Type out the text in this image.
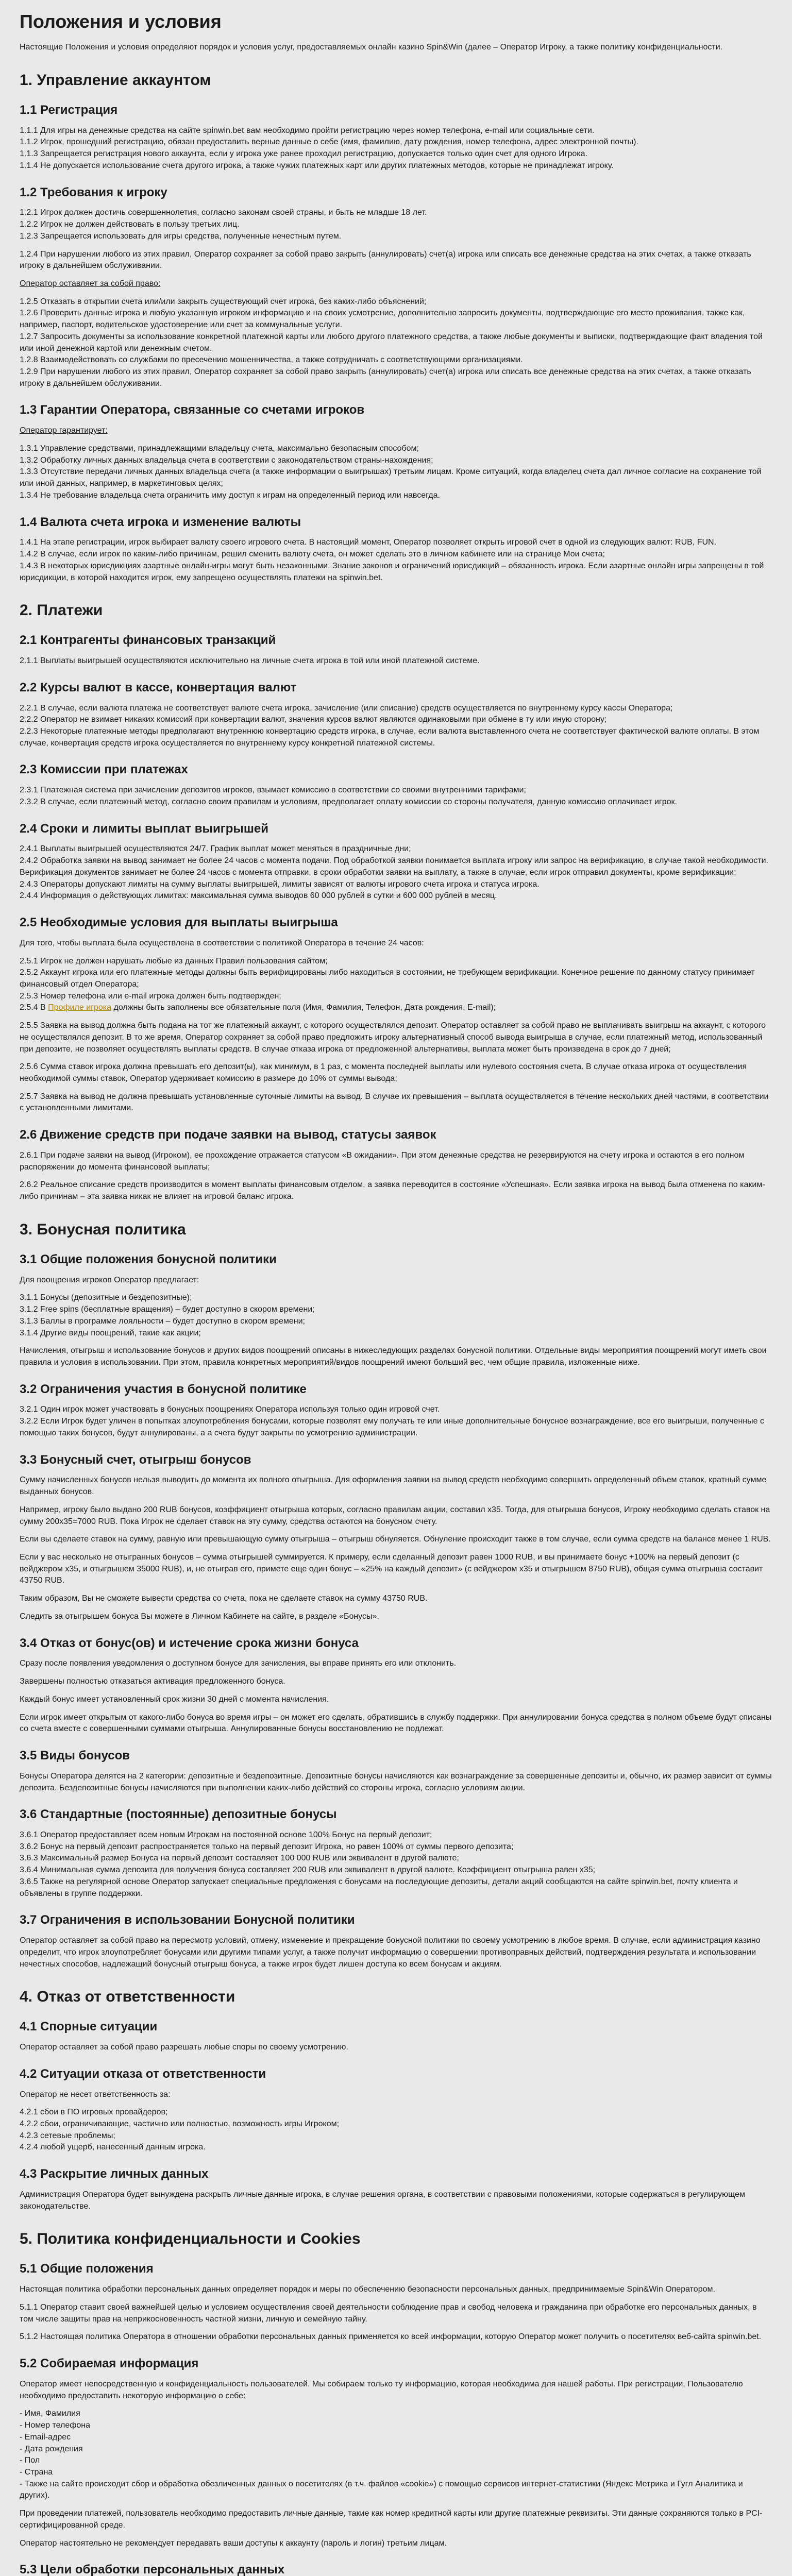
Положения и условия

Настоящие Положения и условия определяют порядок и условия услуг, предоставляемых онлайн казино Spin&Win (далее – Оператор Игроку, а также политику конфиденциальности.

1. Управление аккаунтом
1.1 Регистрация

1.1.1 Для игры на денежные средства на сайте spinwin.bet вам необходимо пройти регистрацию через номер телефона, e-mail или социальные сети.

1.1.2 Игрок, прошедший регистрацию, обязан предоставить верные данные о себе (имя, фамилию, дату рождения, номер телефона, адрес электронной почты).

1.1.3 Запрещается регистрация нового аккаунта, если у игрока уже ранее проходил регистрацию, допускается только один счет для одного Игрока.

1.1.4 Не допускается использование счета другого игрока, а также чужих платежных карт или других платежных методов, которые не принадлежат игроку.

1.2 Требования к игроку

1.2.1 Игрок должен достичь совершеннолетия, согласно законам своей страны, и быть не младше 18 лет.

1.2.2 Игрок не должен действовать в пользу третьих лиц.

1.2.3 Запрещается использовать для игры средства, полученные нечестным путем.

1.2.4 При нарушении любого из этих правил, Оператор сохраняет за собой право закрыть (аннулировать) счет(а) игрока или списать все денежные средства на этих счетах, а также отказать игроку в дальнейшем обслуживании.

Оператор оставляет за собой право:

1.2.5 Отказать в открытии счета или/или закрыть существующий счет игрока, без каких-либо объяснений;

1.2.6 Проверить данные игрока и любую указанную игроком информацию и на своих усмотрение, дополнительно запросить документы, подтверждающие его место проживания, также как, например, паспорт, водительское удостоверение или счет за коммунальные услуги.

1.2.7 Запросить документы за использование конкретной платежной карты или любого другого платежного средства, а также любые документы и выписки, подтверждающие факт владения той или иной денежной картой или денежным счетом.

1.2.8 Взаимодействовать со службами по пресечению мошенничества, а также сотрудничать с соответствующими организациями.

1.2.9 При нарушении любого из этих правил, Оператор сохраняет за собой право закрыть (аннулировать) счет(а) игрока или списать все денежные средства на этих счетах, а также отказать игроку в дальнейшем обслуживании.

1.3 Гарантии Оператора, связанные со счетами игроков

Оператор гарантирует:

1.3.1 Управление средствами, принадлежащими владельцу счета, максимально безопасным способом;

1.3.2 Обработку личных данных владельца счета в соответствии с законодательством страны-нахождения;

1.3.3 Отсутствие передачи личных данных владельца счета (а также информации о выигрышах) третьим лицам. Кроме ситуаций, когда владелец счета дал личное согласие на сохранение той или иной данных, например, в маркетинговых целях;

1.3.4 Не требование владельца счета ограничить иму доступ к играм на определенный период или навсегда.

1.4 Валюта счета игрока и изменение валюты

1.4.1 На этапе регистрации, игрок выбирает валюту своего игрового счета. В настоящий момент, Оператор позволяет открыть игровой счет в одной из следующих валют: RUB, FUN.

1.4.2 В случае, если игрок по каким-либо причинам, решил сменить валюту счета, он может сделать это в личном кабинете или на странице Мои счета;

1.4.3 В некоторых юрисдикциях азартные онлайн-игры могут быть незаконными. Знание законов и ограничений юрисдикций – обязанность игрока. Если азартные онлайн игры запрещены в той юрисдикции, в которой находится игрок, ему запрещено осуществлять платежи на spinwin.bet.

2. Платежи
2.1 Контрагенты финансовых транзакций

2.1.1 Выплаты выигрышей осуществляются исключительно на личные счета игрока в той или иной платежной системе.

2.2 Курсы валют в кассе, конвертация валют

2.2.1 В случае, если валюта платежа не соответствует валюте счета игрока, зачисление (или списание) средств осуществляется по внутреннему курсу кассы Оператора;

2.2.2 Оператор не взимает никаких комиссий при конвертации валют, значения курсов валют являются одинаковыми при обмене в ту или иную сторону;

2.2.3 Некоторые платежные методы предполагают внутреннюю конвертацию средств игрока, в случае, если валюта выставленного счета не соответствует фактической валюте оплаты. В этом случае, конвертация средств игрока осуществляется по внутреннему курсу конкретной платежной системы.

2.3 Комиссии при платежах

2.3.1 Платежная система при зачислении депозитов игроков, взымает комиссию в соответствии со своими внутренними тарифами;

2.3.2 В случае, если платежный метод, согласно своим правилам и условиям, предполагает оплату комиссии со стороны получателя, данную комиссию оплачивает игрок.

2.4 Сроки и лимиты выплат выигрышей

2.4.1 Выплаты выигрышей осуществляются 24/7. График выплат может меняться в праздничные дни;

2.4.2 Обработка заявки на вывод занимает не более 24 часов с момента подачи. Под обработкой заявки понимается выплата игроку или запрос на верификацию, в случае такой необходимости. Верификация документов занимает не более 24 часов с момента отправки, в сроки обработки заявки на выплату, а также в случае, если игрок отправил документы, кроме верификации;

2.4.3 Операторы допускают лимиты на сумму выплаты выигрышей, лимиты зависят от валюты игрового счета игрока и статуса игрока.

2.4.4 Информация о действующих лимитах: максимальная сумма выводов 60 000 рублей в сутки и 600 000 рублей в месяц.

2.5 Необходимые условия для выплаты выигрыша

Для того, чтобы выплата была осуществлена в соответствии с политикой Оператора в течение 24 часов:

2.5.1 Игрок не должен нарушать любые из данных Правил пользования сайтом;

2.5.2 Аккаунт игрока или его платежные методы должны быть верифицированы либо находиться в состоянии, не требующем верификации. Конечное решение по данному статусу принимает финансовый отдел Оператора;

2.5.3 Номер телефона или e-mail игрока должен быть подтвержден;

2.5.4 В Профиле игрока должны быть заполнены все обязательные поля (Имя, Фамилия, Телефон, Дата рождения, E-mail);

2.5.5 Заявка на вывод должна быть подана на тот же платежный аккаунт, с которого осуществлялся депозит. Оператор оставляет за собой право не выплачивать выигрыш на аккаунт, с которого не осуществлялся депозит. В то же время, Оператор сохраняет за собой право предложить игроку альтернативный способ вывода выигрыша в случае, если платежный метод, использованный при депозите, не позволяет осуществлять выплаты средств. В случае отказа игрока от предложенной альтернативы, выплата может быть произведена в срок до 7 дней;

2.5.6 Сумма ставок игрока должна превышать его депозит(ы), как минимум, в 1 раз, с момента последней выплаты или нулевого состояния счета. В случае отказа игрока от осуществления необходимой суммы ставок, Оператор удерживает комиссию в размере до 10% от суммы вывода;

2.5.7 Заявка на вывод не должна превышать установленные суточные лимиты на вывод. В случае их превышения – выплата осуществляется в течение нескольких дней частями, в соответствии с установленными лимитами.

2.6 Движение средств при подаче заявки на вывод, статусы заявок

2.6.1 При подаче заявки на вывод (Игроком), ее прохождение отражается статусом «В ожидании». При этом денежные средства не резервируются на счету игрока и остаются в его полном распоряжении до момента финансовой выплаты;

2.6.2 Реальное списание средств производится в момент выплаты финансовым отделом, а заявка переводится в состояние «Успешная». Если заявка игрока на вывод была отменена по каким-либо причинам – эта заявка никак не влияет на игровой баланс игрока.

3. Бонусная политика
3.1 Общие положения бонусной политики

Для поощрения игроков Оператор предлагает:

3.1.1 Бонусы (депозитные и бездепозитные);

3.1.2 Free spins (бесплатные вращения) – будет доступно в скором времени;

3.1.3 Баллы в программе лояльности – будет доступно в скором времени;

3.1.4 Другие виды поощрений, такие как акции;

Начисления, отыгрыш и использование бонусов и других видов поощрений описаны в нижеследующих разделах бонусной политики. Отдельные виды мероприятия поощрений могут иметь свои правила и условия в использовании. При этом, правила конкретных мероприятий/видов поощрений имеют больший вес, чем общие правила, изложенные ниже.

3.2 Ограничения участия в бонусной политике

3.2.1 Один игрок может участвовать в бонусных поощрениях Оператора используя только один игровой счет.

3.2.2 Если Игрок будет уличен в попытках злоупотребления бонусами, которые позволят ему получать те или иные дополнительные бонусное вознаграждение, все его выигрыши, полученные с помощью таких бонусов, будут аннулированы, а а счета будут закрыты по усмотрению администрации.

3.3 Бонусный счет, отыгрыш бонусов

Сумму начисленных бонусов нельзя выводить до момента их полного отыгрыша. Для оформления заявки на вывод средств необходимо совершить определенный объем ставок, кратный сумме выданных бонусов.

Например, игроку было выдано 200 RUB бонусов, коэффициент отыгрыша которых, согласно правилам акции, составил x35. Тогда, для отыгрыша бонусов, Игроку необходимо сделать ставок на сумму 200x35=7000 RUB. Пока Игрок не сделает ставок на эту сумму, средства остаются на бонусном счету.

Если вы сделаете ставок на сумму, равную или превышающую сумму отыгрыша – отыгрыш обнуляется. Обнуление происходит также в том случае, если сумма средств на балансе менее 1 RUB.

Если у вас несколько не отыгранных бонусов – сумма отыгрышей суммируется. К примеру, если сделанный депозит равен 1000 RUB, и вы принимаете бонус +100% на первый депозит (с вейджером x35, и отыгрышем 35000 RUB), и, не отыграв его, примете еще один бонус – «25% на каждый депозит» (с вейджером x35 и отыгрышем 8750 RUB), общая сумма отыгрыша составит 43750 RUB.

Таким образом, Вы не сможете вывести средства со счета, пока не сделаете ставок на сумму 43750 RUB.

Следить за отыгрышем бонуса Вы можете в Личном Кабинете на сайте, в разделе «Бонусы».

3.4 Отказ от бонус(ов) и истечение срока жизни бонуса

Сразу после появления уведомления о доступном бонусе для зачисления, вы вправе принять его или отклонить.

Завершены полностью отказаться активация предложенного бонуса.

Каждый бонус имеет установленный срок жизни 30 дней с момента начисления.

Если игрок имеет открытым от какого-либо бонуса во время игры – он может его сделать, обратившись в службу поддержки. При аннулировании бонуса средства в полном объеме будут списаны со счета вместе с совершенными суммами отыгрыша. Аннулированные бонусы восстановлению не подлежат.

3.5 Виды бонусов

Бонусы Оператора делятся на 2 категории: депозитные и бездепозитные. Депозитные бонусы начисляются как вознаграждение за совершенные депозиты и, обычно, их размер зависит от суммы депозита. Бездепозитные бонусы начисляются при выполнении каких-либо действий со стороны игрока, согласно условиям акции.

3.6 Стандартные (постоянные) депозитные бонусы

3.6.1 Оператор предоставляет всем новым Игрокам на постоянной основе 100% Бонус на первый депозит;

3.6.2 Бонус на первый депозит распространяется только на первый депозит Игрока, но равен 100% от суммы первого депозита;

3.6.3 Максимальный размер Бонуса на первый депозит составляет 100 000 RUB или эквивалент в другой валюте;

3.6.4 Минимальная сумма депозита для получения бонуса составляет 200 RUB или эквивалент в другой валюте. Коэффициент отыгрыша равен x35;

3.6.5 Также на регулярной основе Оператор запускает специальные предложения с бонусами на последующие депозиты, детали акций сообщаются на сайте spinwin.bet, почту клиента и объявлены в группе поддержки.

3.7 Ограничения в использовании Бонусной политики

Оператор оставляет за собой право на пересмотр условий, отмену, изменение и прекращение бонусной политики по своему усмотрению в любое время. В случае, если администрация казино определит, что игрок злоупотребляет бонусами или другими типами услуг, а также получит информацию о совершении противоправных действий, подтверждения результата и использовании нечестных способов, надлежащий бонусный отыгрыш бонуса, а также игрок будет лишен доступа ко всем бонусам и акциям.

4. Отказ от ответственности
4.1 Спорные ситуации

Оператор оставляет за собой право разрешать любые споры по своему усмотрению.

4.2 Ситуации отказа от ответственности

Оператор не несет ответственность за:

4.2.1 сбои в ПО игровых провайдеров;

4.2.2 сбои, ограничивающие, частично или полностью, возможность игры Игроком;

4.2.3 сетевые проблемы;

4.2.4 любой ущерб, нанесенный данным игрока.

4.3 Раскрытие личных данных

Администрация Оператора будет вынуждена раскрыть личные данные игрока, в случае решения органа, в соответствии с правовыми положениями, которые содержаться в регулирующем законодательстве.

5. Политика конфиденциальности и Cookies
5.1 Общие положения

Настоящая политика обработки персональных данных определяет порядок и меры по обеспечению безопасности персональных данных, предпринимаемые Spin&Win Оператором.

5.1.1 Оператор ставит своей важнейшей целью и условием осуществления своей деятельности соблюдение прав и свобод человека и гражданина при обработке его персональных данных, в том числе защиты прав на неприкосновенность частной жизни, личную и семейную тайну.

5.1.2 Настоящая политика Оператора в отношении обработки персональных данных применяется ко всей информации, которую Оператор может получить о посетителях веб-сайта spinwin.bet.

5.2 Собираемая информация

Оператор имеет непосредственную и конфиденциальность пользователей. Мы собираем только ту информацию, которая необходима для нашей работы. При регистрации, Пользователю необходимо предоставить некоторую информацию о себе:

- Имя, Фамилия

- Номер телефона

- Email-адрес

- Дата рождения

- Пол

- Страна

- Также на сайте происходит сбор и обработка обезличенных данных о посетителях (в т.ч. файлов «cookie») с помощью сервисов интернет-статистики (Яндекс Метрика и Гугл Аналитика и других).

При проведении платежей, пользователь необходимо предоставить личные данные, такие как номер кредитной карты или другие платежные реквизиты. Эти данные сохраняются только в PCI-сертифицированной среде.

Оператор настоятельно не рекомендует передавать ваши доступы к аккаунту (пароль и логин) третьим лицам.

5.3 Цели обработки персональных данных
